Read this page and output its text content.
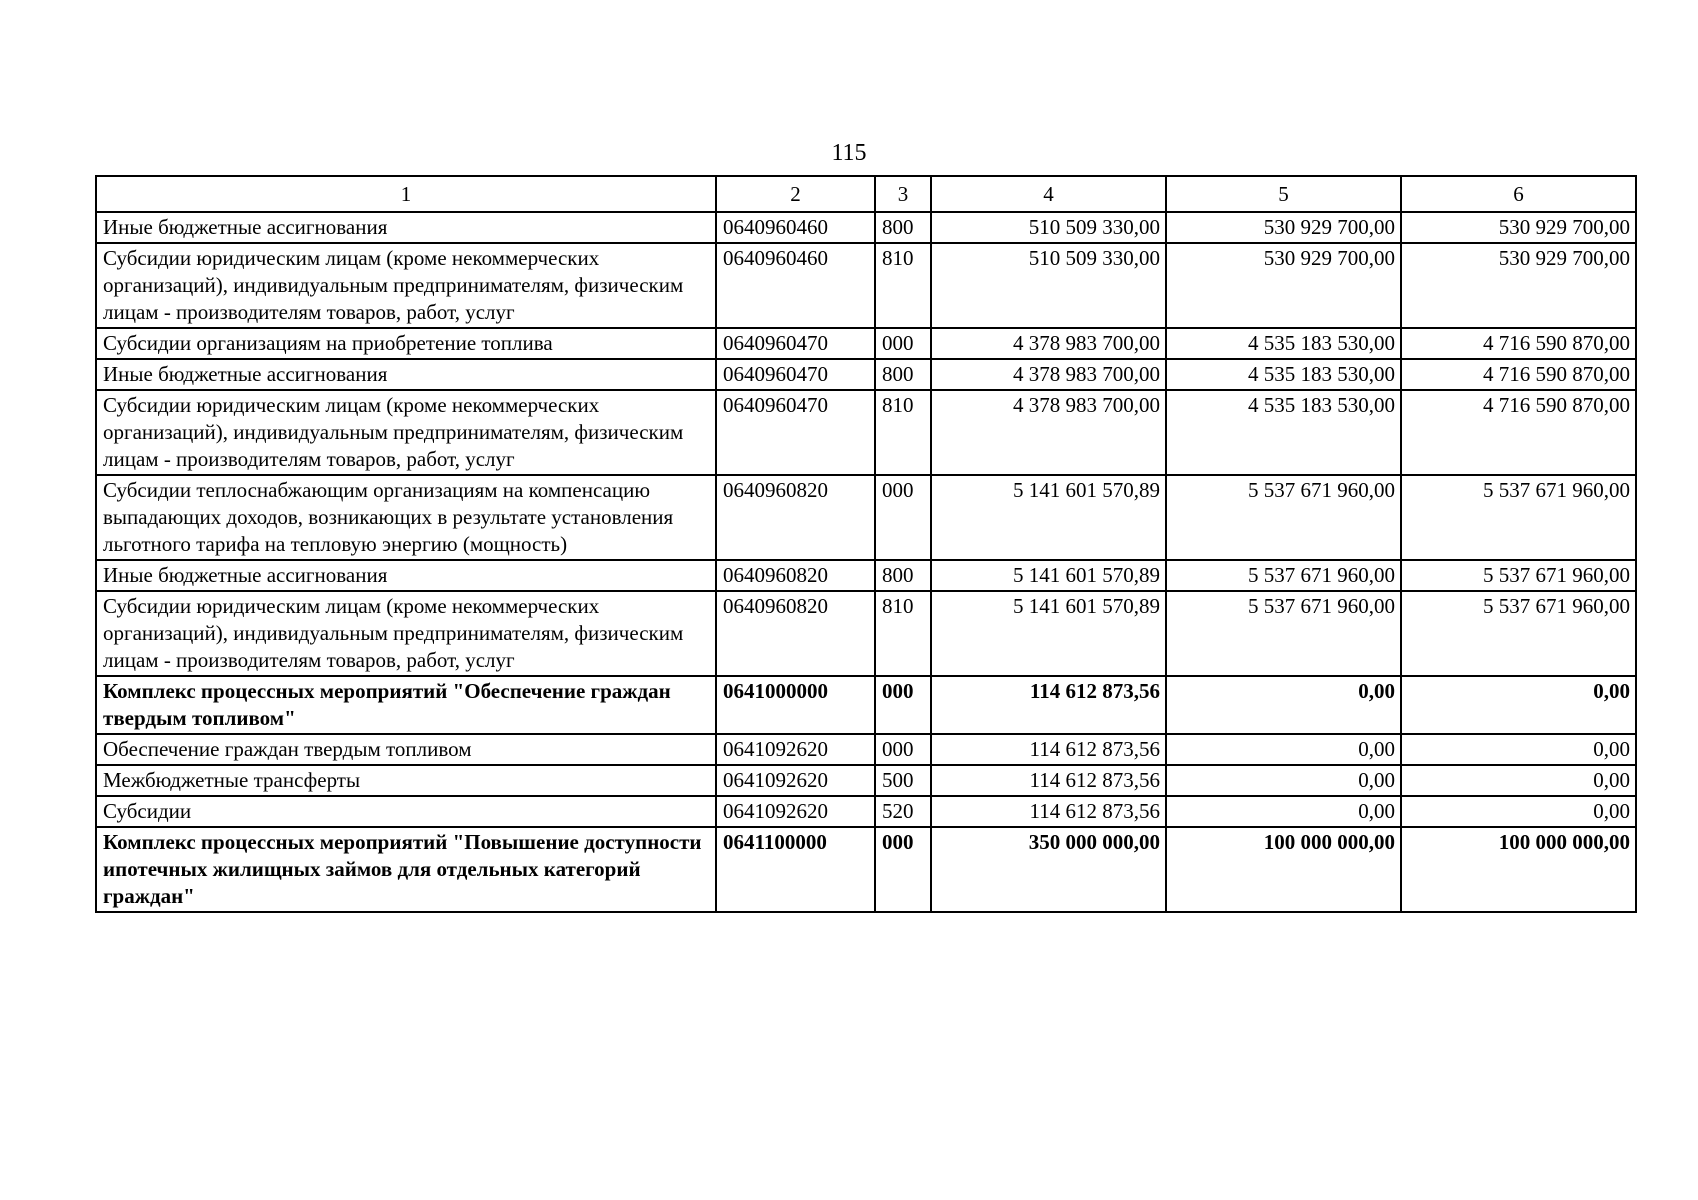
115
1	2	3	4	5	6
Иные бюджетные ассигнования	0640960460	800	510 509 330,00	530 929 700,00	530 929 700,00
Субсидии юридическим лицам (кроме некоммерческих организаций), индивидуальным предпринимателям, физическим лицам - производителям товаров, работ, услуг	0640960460	810	510 509 330,00	530 929 700,00	530 929 700,00
Субсидии организациям на приобретение топлива	0640960470	000	4 378 983 700,00	4 535 183 530,00	4 716 590 870,00
Иные бюджетные ассигнования	0640960470	800	4 378 983 700,00	4 535 183 530,00	4 716 590 870,00
Субсидии юридическим лицам (кроме некоммерческих организаций), индивидуальным предпринимателям, физическим лицам - производителям товаров, работ, услуг	0640960470	810	4 378 983 700,00	4 535 183 530,00	4 716 590 870,00
Субсидии теплоснабжающим организациям на компенсацию выпадающих доходов, возникающих в результате установления льготного тарифа на тепловую энергию (мощность)	0640960820	000	5 141 601 570,89	5 537 671 960,00	5 537 671 960,00
Иные бюджетные ассигнования	0640960820	800	5 141 601 570,89	5 537 671 960,00	5 537 671 960,00
Субсидии юридическим лицам (кроме некоммерческих организаций), индивидуальным предпринимателям, физическим лицам - производителям товаров, работ, услуг	0640960820	810	5 141 601 570,89	5 537 671 960,00	5 537 671 960,00
Комплекс процессных мероприятий "Обеспечение граждан твердым топливом"	0641000000	000	114 612 873,56	0,00	0,00
Обеспечение граждан твердым топливом	0641092620	000	114 612 873,56	0,00	0,00
Межбюджетные трансферты	0641092620	500	114 612 873,56	0,00	0,00
Субсидии	0641092620	520	114 612 873,56	0,00	0,00
Комплекс процессных мероприятий "Повышение доступности ипотечных жилищных займов для отдельных категорий граждан"	0641100000	000	350 000 000,00	100 000 000,00	100 000 000,00
